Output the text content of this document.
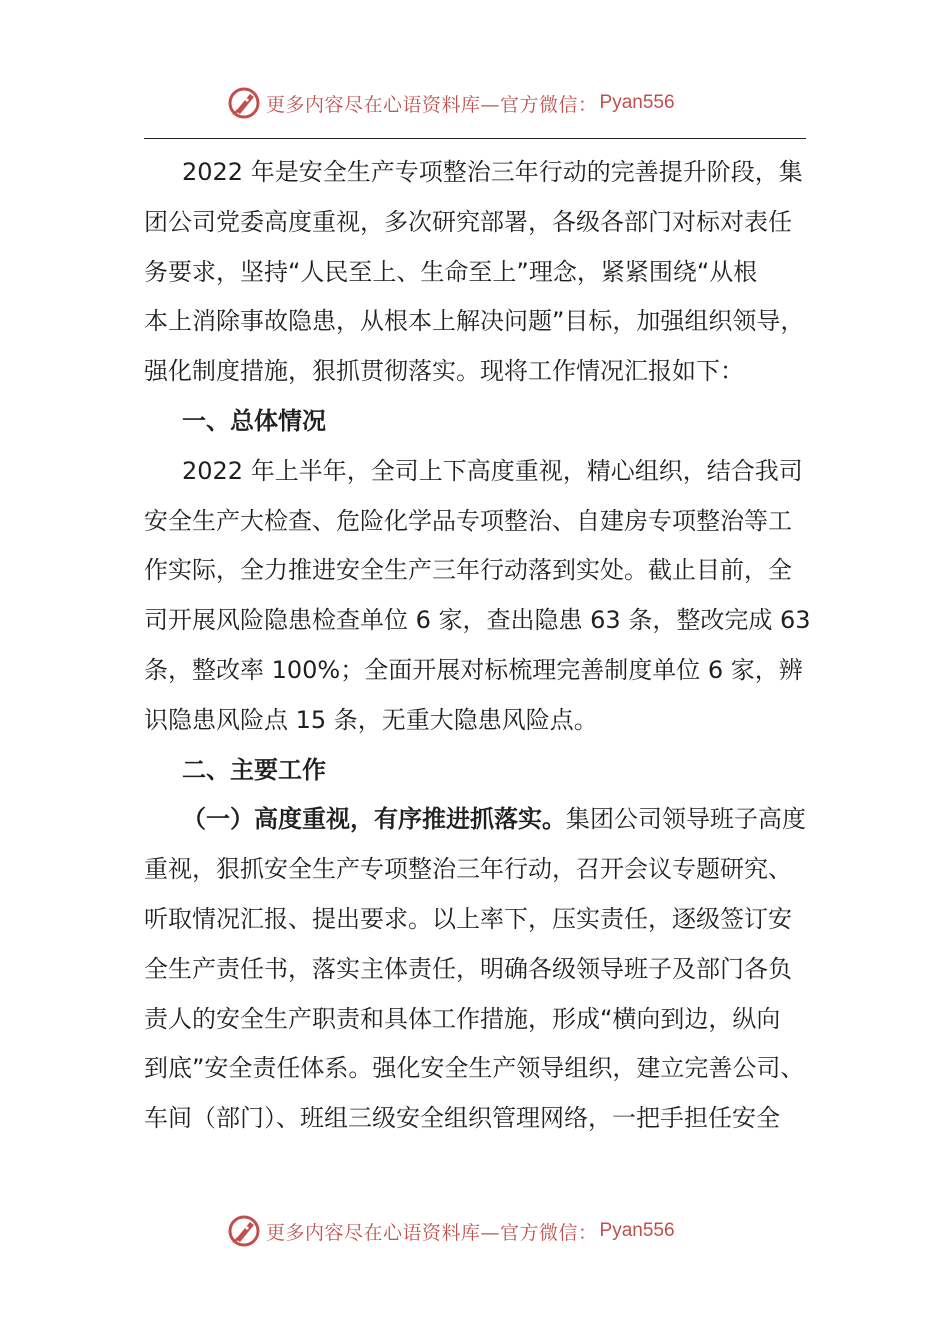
更多内容尽在心语资料库—官方微信： Pyan556
2022 年是安全生产专项整治三年行动的完善提升阶段，集
团公司党委高度重视，多次研究部署，各级各部门对标对表任
务要求，坚持“人民至上、生命至上”理念，紧紧围绕“从根
本上消除事故隐患，从根本上解决问题”目标，加强组织领导，
强化制度措施，狠抓贯彻落实。现将工作情况汇报如下：
一、总体情况
2022 年上半年，全司上下高度重视，精心组织，结合我司
安全生产大检查、危险化学品专项整治、自建房专项整治等工
作实际，全力推进安全生产三年行动落到实处。截止目前，全
司开展风险隐患检查单位 6 家，查出隐患 63 条，整改完成 63
条，整改率 100%；全面开展对标梳理完善制度单位 6 家，辨
识隐患风险点 15 条，无重大隐患风险点。
二、主要工作
（一）高度重视，有序推进抓落实。集团公司领导班子高度
重视，狠抓安全生产专项整治三年行动，召开会议专题研究、
听取情况汇报、提出要求。以上率下，压实责任，逐级签订安
全生产责任书，落实主体责任，明确各级领导班子及部门各负
责人的安全生产职责和具体工作措施，形成“横向到边，纵向
到底”安全责任体系。强化安全生产领导组织，建立完善公司、
车间（部门）、班组三级安全组织管理网络，一把手担任安全
更多内容尽在心语资料库—官方微信： Pyan556
